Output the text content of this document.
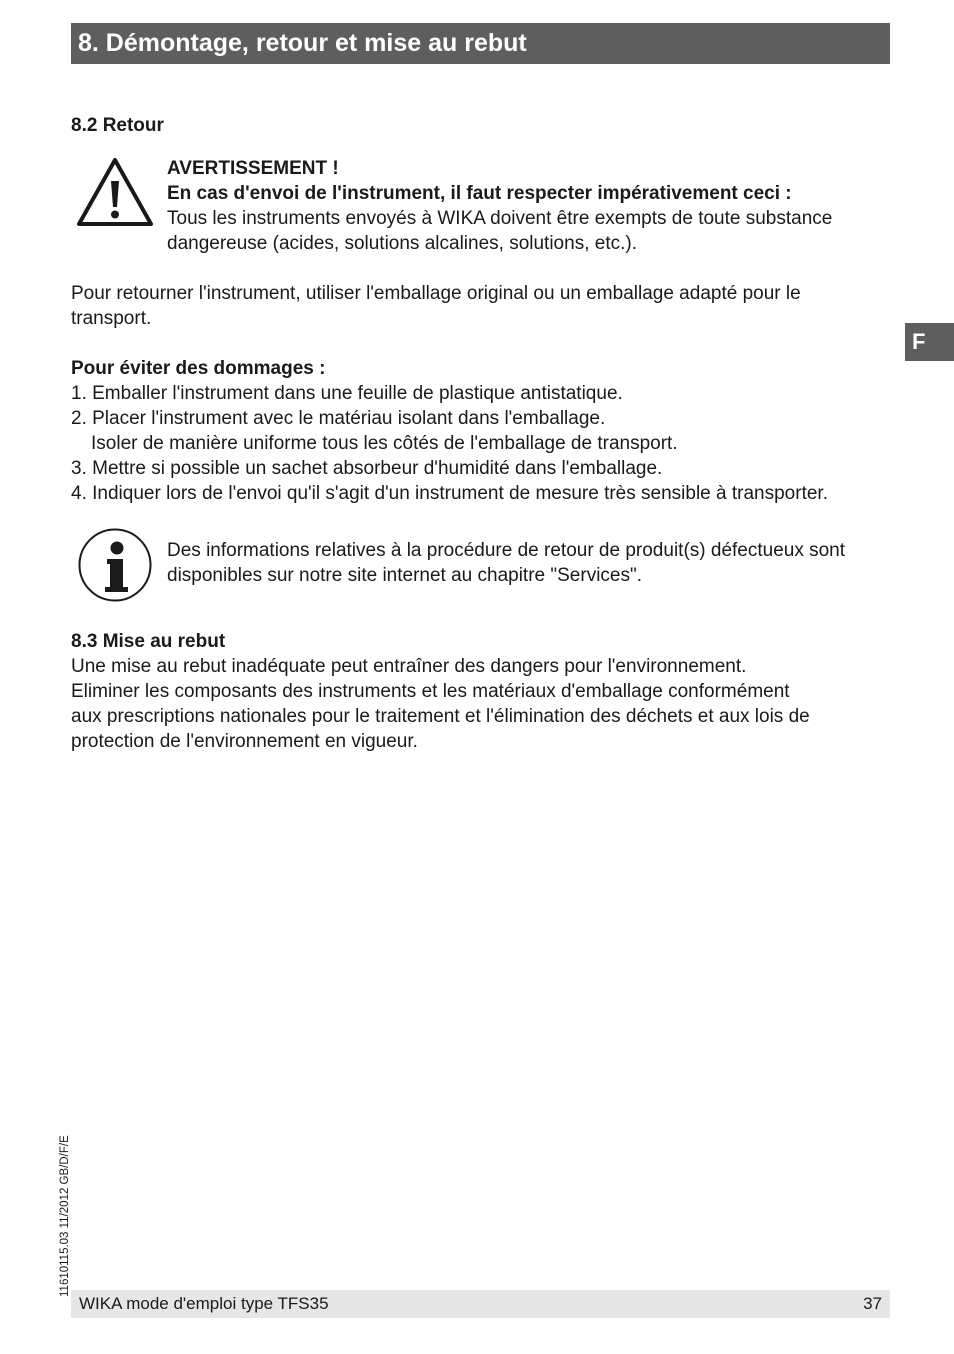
8. Démontage, retour et mise au rebut
F
8.2 Retour
AVERTISSEMENT !
En cas d'envoi de l'instrument, il faut respecter impérativement ceci :
Tous les instruments envoyés à WIKA doivent être exempts de toute substance
dangereuse (acides, solutions alcalines, solutions, etc.).
Pour retourner l'instrument, utiliser l'emballage original ou un emballage adapté pour le
transport.
Pour éviter des dommages :
1. Emballer l'instrument dans une feuille de plastique antistatique.
2. Placer l'instrument avec le matériau isolant dans l'emballage.
Isoler de manière uniforme tous les côtés de l'emballage de transport.
3. Mettre si possible un sachet absorbeur d'humidité dans l'emballage.
4. Indiquer lors de l'envoi qu'il s'agit d'un instrument de mesure très sensible à transporter.
Des informations relatives à la procédure de retour de produit(s) défectueux sont
disponibles sur notre site internet au chapitre "Services".
8.3 Mise au rebut
Une mise au rebut inadéquate peut entraîner des dangers pour l'environnement.
Eliminer les composants des instruments et les matériaux d'emballage conformément
aux prescriptions nationales pour le traitement et l'élimination des déchets et aux lois de
protection de l'environnement en vigueur.
11610115.03 11/2012 GB/D/F/E
WIKA mode d'emploi type TFS35	37
